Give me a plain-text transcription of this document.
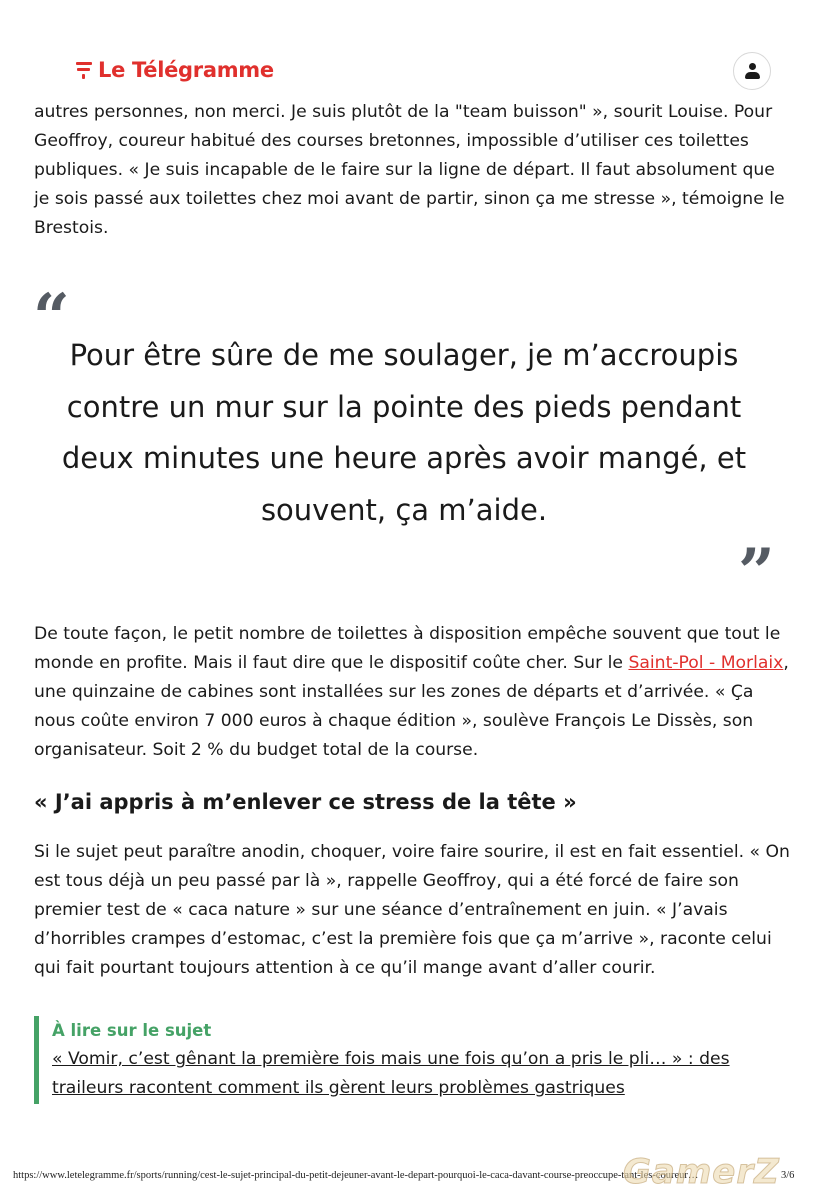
Le Télégramme

autres personnes, non merci. Je suis plutôt de la "team buisson" », sourit Louise. Pour Geoffroy, coureur habitué des courses bretonnes, impossible d’utiliser ces toilettes publiques. « Je suis incapable de le faire sur la ligne de départ. Il faut absolument que je sois passé aux toilettes chez moi avant de partir, sinon ça me stresse », témoigne le Brestois.

“ Pour être sûre de me soulager, je m’accroupis contre un mur sur la pointe des pieds pendant deux minutes une heure après avoir mangé, et souvent, ça m’aide.

”

De toute façon, le petit nombre de toilettes à disposition empêche souvent que tout le monde en profite. Mais il faut dire que le dispositif coûte cher. Sur le Saint-Pol - Morlaix, une quinzaine de cabines sont installées sur les zones de départs et d’arrivée. « Ça nous coûte environ 7 000 euros à chaque édition », soulève François Le Dissès, son organisateur. Soit 2 % du budget total de la course.

« J’ai appris à m’enlever ce stress de la tête »

Si le sujet peut paraître anodin, choquer, voire faire sourire, il est en fait essentiel. « On est tous déjà un peu passé par là », rappelle Geoffroy, qui a été forcé de faire son premier test de « caca nature » sur une séance d’entraînement en juin. « J’avais d’horribles crampes d’estomac, c’est la première fois que ça m’arrive », raconte celui qui fait pourtant toujours attention à ce qu’il mange avant d’aller courir.

À lire sur le sujet
« Vomir, c’est gênant la première fois mais une fois qu’on a pris le pli… » : des traileurs racontent comment ils gèrent leurs problèmes gastriques
https://www.letelegramme.fr/sports/running/cest-le-sujet-principal-du-petit-dejeuner-avant-le-depart-pourquoi-le-caca-davant-course-preoccupe-tant-les-coureur…	3/6
GamerZ
